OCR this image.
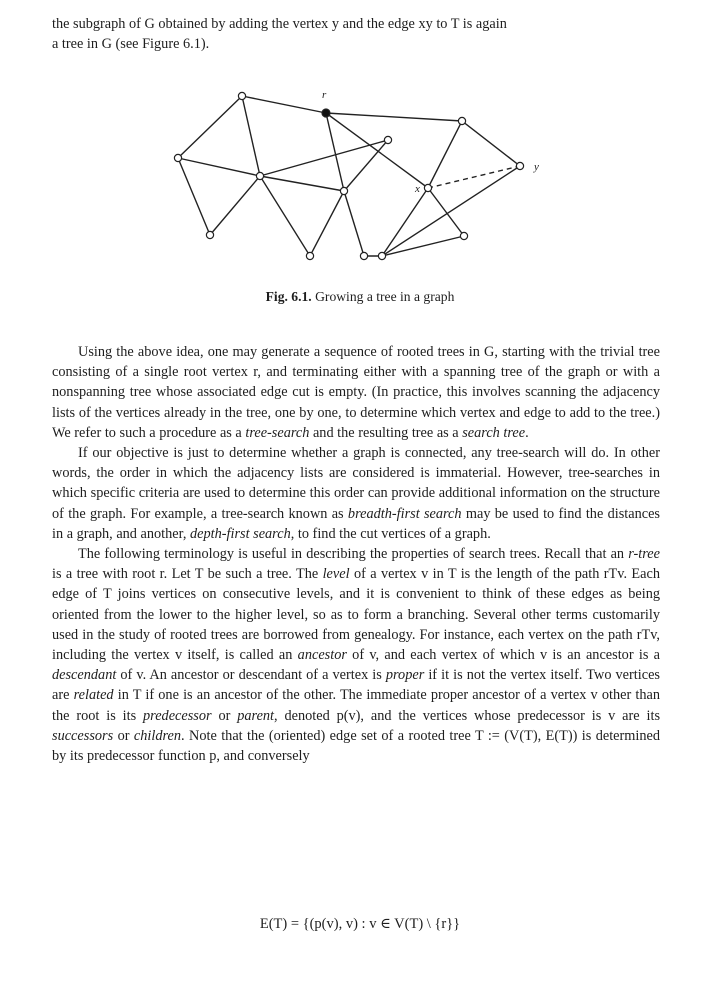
the subgraph of G obtained by adding the vertex y and the edge xy to T is again

a tree in G (see Figure 6.1).

r
x
y
Fig. 6.1. Growing a tree in a graph

Using the above idea, one may generate a sequence of rooted trees in G, starting with the trivial tree consisting of a single root vertex r, and terminating either with a spanning tree of the graph or with a nonspanning tree whose associated edge cut is empty. (In practice, this involves scanning the adjacency lists of the vertices already in the tree, one by one, to determine which vertex and edge to add to the tree.) We refer to such a procedure as a tree-search and the resulting tree as a search tree.

If our objective is just to determine whether a graph is connected, any tree-search will do. In other words, the order in which the adjacency lists are considered is immaterial. However, tree-searches in which specific criteria are used to determine this order can provide additional information on the structure of the graph. For example, a tree-search known as breadth-first search may be used to find the distances in a graph, and another, depth-first search, to find the cut vertices of a graph.

The following terminology is useful in describing the properties of search trees. Recall that an r-tree is a tree with root r. Let T be such a tree. The level of a vertex v in T is the length of the path rTv. Each edge of T joins vertices on consecutive levels, and it is convenient to think of these edges as being oriented from the lower to the higher level, so as to form a branching. Several other terms customarily used in the study of rooted trees are borrowed from genealogy. For instance, each vertex on the path rTv, including the vertex v itself, is called an ancestor of v, and each vertex of which v is an ancestor is a descendant of v. An ancestor or descendant of a vertex is proper if it is not the vertex itself. Two vertices are related in T if one is an ancestor of the other. The immediate proper ancestor of a vertex v other than the root is its predecessor or parent, denoted p(v), and the vertices whose predecessor is v are its successors or children. Note that the (oriented) edge set of a rooted tree T := (V(T), E(T)) is determined by its predecessor function p, and conversely

E(T) = {(p(v), v) : v ∈ V(T) \ {r}}
